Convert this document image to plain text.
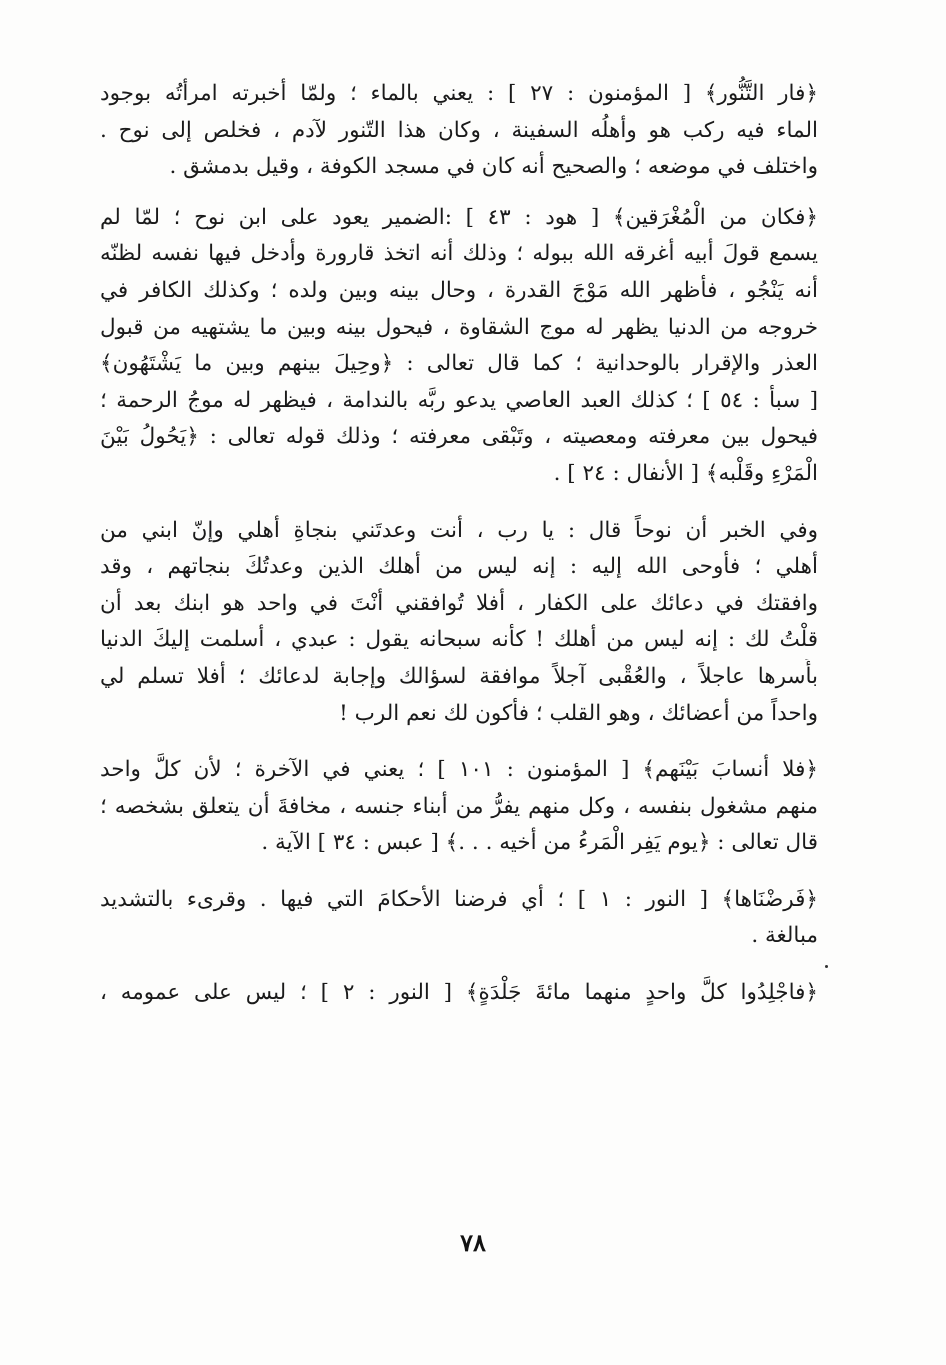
﴿فار التَّنُّور﴾ [ المؤمنون : ٢٧ ] : يعني بالماء ؛ ولمّا أخبرته امرأتُه بوجود
الماء فيه ركب هو وأهلُه السفينة ، وكان هذا التّنور لآدم ، فخلص إلى نوح .
واختلف في موضعه ؛ والصحيح أنه كان في مسجد الكوفة ، وقيل بدمشق .
﴿فكان من الْمُغْرَقين﴾ [ هود : ٤٣ ] :الضمير يعود على ابن نوح ؛ لمّا لم
يسمع قولَ أبيه أغرقه الله ببوله ؛ وذلك أنه اتخذ قارورة وأدخل فيها نفسه لظنّه
أنه يَنْجُو ، فأظهر الله مَوْجَ القدرة ، وحال بينه وبين ولده ؛ وكذلك الكافر في
خروجه من الدنيا يظهر له موج الشقاوة ، فيحول بينه وبين ما يشتهيه من قبول
العذر والإقرار بالوحدانية ؛ كما قال تعالى : ﴿وحِيلَ بينهم وبين ما يَشْتَهُون﴾
[ سبأ : ٥٤ ] ؛ كذلك العبد العاصي يدعو ربَّه بالندامة ، فيظهر له موجُ الرحمة ؛
فيحول بين معرفته ومعصيته ، وتَبْقى معرفته ؛ وذلك قوله تعالى : ﴿يَحُولُ بَيْنَ
الْمَرْءِ وقَلْبه﴾ [ الأنفال : ٢٤ ] .
وفي الخبر أن نوحاً قال : يا رب ، أنت وعدتَني بنجاةِ أهلي وإنّ ابني من
أهلي ؛ فأوحى الله إليه : إنه ليس من أهلك الذين وعدتُكَ بنجاتهم ، وقد
وافقتك في دعائك على الكفار ، أفلا تُوافقني أنْتَ في واحد هو ابنك بعد أن
قلْتُ لك : إنه ليس من أهلك ! كأنه سبحانه يقول : عبدي ، أسلمت إليكَ الدنيا
بأَسرها عاجلاً ، والعُقْبى آجلاً موافقة لسؤالك وإجابة لدعائك ؛ أفلا تسلم لي
واحداً من أعضائك ، وهو القلب ؛ فأكون لك نعم الرب !
﴿فلا أنسابَ بَيْنَهم﴾ [ المؤمنون : ١٠١ ] ؛ يعني في الآخرة ؛ لأن كلَّ واحد
منهم مشغول بنفسه ، وكل منهم يفرُّ من أبناء جنسه ، مخافةَ أن يتعلق بشخصه ؛
قال تعالى : ﴿يوم يَفِر الْمَرءُ من أخيه . . .﴾ [ عبس : ٣٤ ] الآية .
﴿فَرضْنَاها﴾ [ النور : ١ ] ؛ أي فرضنا الأحكامَ التي فيها . وقرىء بالتشديد
مبالغة .
﴿فاجْلِدُوا كلَّ واحدٍ منهما مائةَ جَلْدَةٍ﴾ [ النور : ٢ ] ؛ ليس على عمومه ،
٧٨
